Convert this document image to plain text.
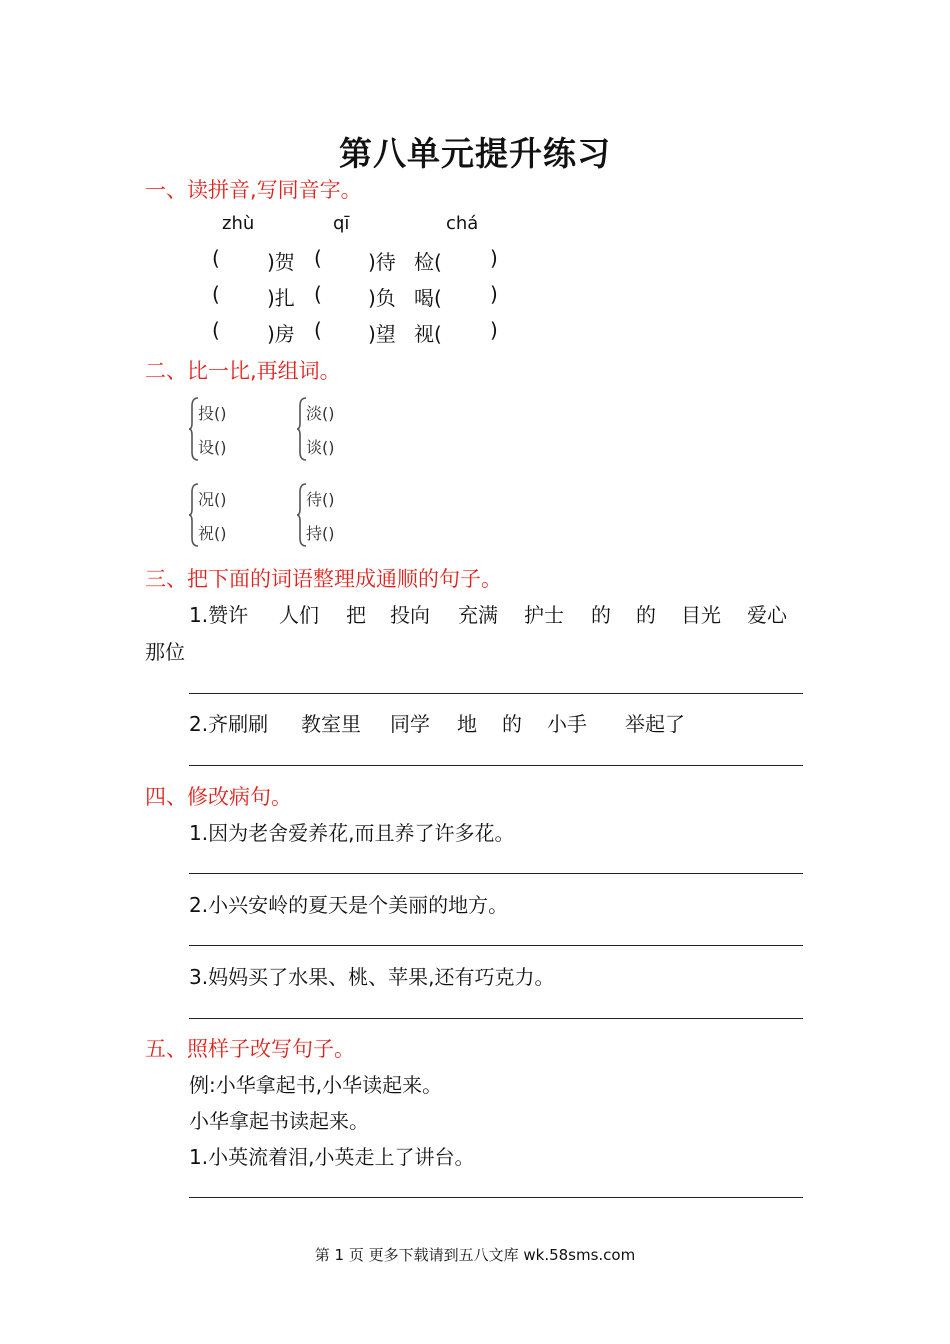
第八单元提升练习
一、读拼音,写同音字。
zhù	qī	chá
( )贺 ( )待 检( )
( )扎 ( )负 喝( )
( )房 ( )望 视( )
二、比一比,再组词。
投()
设()
淡()
谈()
况()
祝()
待()
持()
三、把下面的词语整理成通顺的句子。
1.赞许 人们 把 投向 充满 护士 的 的 目光 爱心
那位
2.齐刷刷 教室里 同学 地 的 小手 举起了
四、修改病句。
1.因为老舍爱养花,而且养了许多花。
2.小兴安岭的夏天是个美丽的地方。
3.妈妈买了水果、桃、苹果,还有巧克力。
五、照样子改写句子。
例:小华拿起书,小华读起来。
小华拿起书读起来。
1.小英流着泪,小英走上了讲台。
第 1 页 更多下载请到五八文库 wk.58sms.com
